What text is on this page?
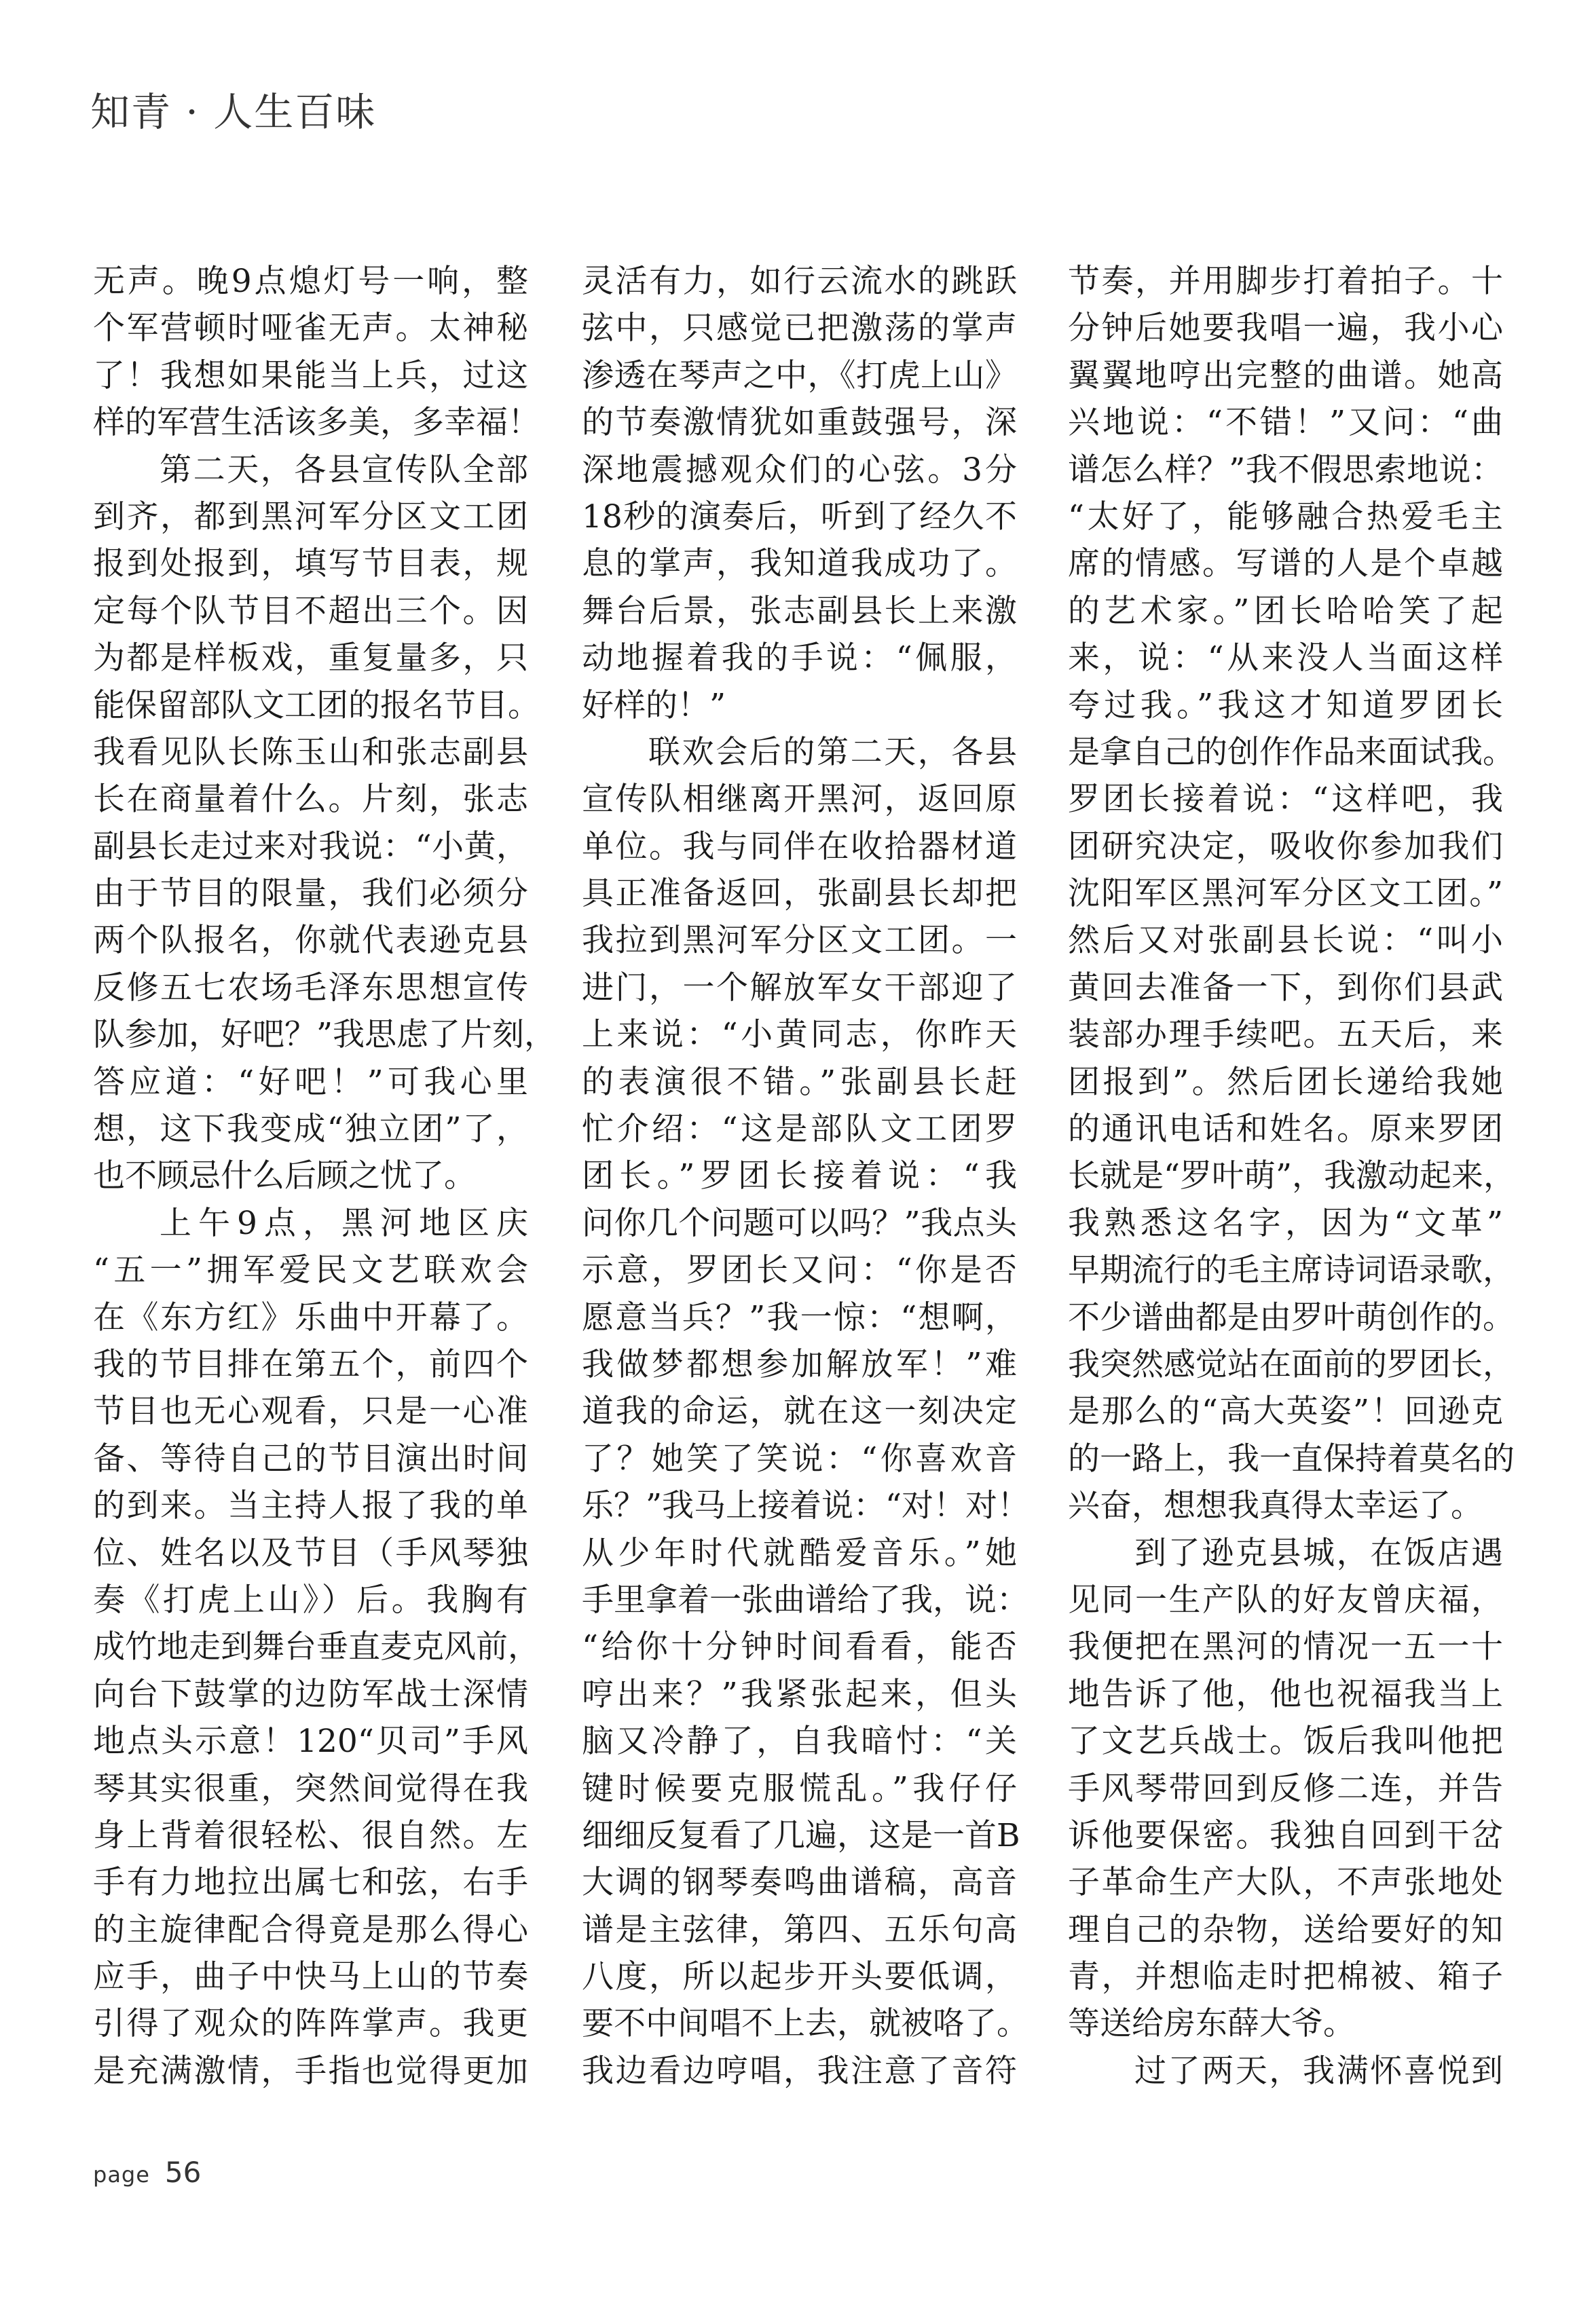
知青 · 人生百味
无声。晚9点熄灯号一响，整
个军营顿时哑雀无声。太神秘
了！我想如果能当上兵，过这
样的军营生活该多美，多幸福！
第二天，各县宣传队全部
到齐，都到黑河军分区文工团
报到处报到，填写节目表，规
定每个队节目不超出三个。因
为都是样板戏，重复量多，只
能保留部队文工团的报名节目。
我看见队长陈玉山和张志副县
长在商量着什么。片刻，张志
副县长走过来对我说：“小黄，
由于节目的限量，我们必须分
两个队报名，你就代表逊克县
反修五七农场毛泽东思想宣传
队参加，好吧？”我思虑了片刻，
答应道：“好吧！”可我心里
想，这下我变成“独立团”了，
也不顾忌什么后顾之忧了。
上午9点，黑河地区庆
“五一”拥军爱民文艺联欢会
在《东方红》乐曲中开幕了。
我的节目排在第五个，前四个
节目也无心观看，只是一心准
备、等待自己的节目演出时间
的到来。当主持人报了我的单
位、姓名以及节目（手风琴独
奏《打虎上山》）后。我胸有
成竹地走到舞台垂直麦克风前，
向台下鼓掌的边防军战士深情
地点头示意！120“贝司”手风
琴其实很重，突然间觉得在我
身上背着很轻松、很自然。左
手有力地拉出属七和弦，右手
的主旋律配合得竟是那么得心
应手，曲子中快马上山的节奏
引得了观众的阵阵掌声。我更
是充满激情，手指也觉得更加
灵活有力，如行云流水的跳跃
弦中，只感觉已把激荡的掌声
渗透在琴声之中，《打虎上山》
的节奏激情犹如重鼓强号，深
深地震撼观众们的心弦。3分
18秒的演奏后，听到了经久不
息的掌声，我知道我成功了。
舞台后景，张志副县长上来激
动地握着我的手说：“佩服，
好样的！”
联欢会后的第二天，各县
宣传队相继离开黑河，返回原
单位。我与同伴在收拾器材道
具正准备返回，张副县长却把
我拉到黑河军分区文工团。一
进门，一个解放军女干部迎了
上来说：“小黄同志，你昨天
的表演很不错。”张副县长赶
忙介绍：“这是部队文工团罗
团长。”罗团长接着说：“我
问你几个问题可以吗？”我点头
示意，罗团长又问：“你是否
愿意当兵？”我一惊：“想啊，
我做梦都想参加解放军！”难
道我的命运，就在这一刻决定
了？她笑了笑说：“你喜欢音
乐？”我马上接着说：“对！对！
从少年时代就酷爱音乐。”她
手里拿着一张曲谱给了我，说：
“给你十分钟时间看看，能否
哼出来？”我紧张起来，但头
脑又冷静了，自我暗忖：“关
键时候要克服慌乱。”我仔仔
细细反复看了几遍，这是一首B
大调的钢琴奏鸣曲谱稿，高音
谱是主弦律，第四、五乐句高
八度，所以起步开头要低调，
要不中间唱不上去，就被咯了。
我边看边哼唱，我注意了音符
节奏，并用脚步打着拍子。十
分钟后她要我唱一遍，我小心
翼翼地哼出完整的曲谱。她高
兴地说：“不错！”又问：“曲
谱怎么样？”我不假思索地说：
“太好了，能够融合热爱毛主
席的情感。写谱的人是个卓越
的艺术家。”团长哈哈笑了起
来，说：“从来没人当面这样
夸过我。”我这才知道罗团长
是拿自己的创作作品来面试我。
罗团长接着说：“这样吧，我
团研究决定，吸收你参加我们
沈阳军区黑河军分区文工团。”
然后又对张副县长说：“叫小
黄回去准备一下，到你们县武
装部办理手续吧。五天后，来
团报到”。然后团长递给我她
的通讯电话和姓名。原来罗团
长就是“罗叶萌”，我激动起来，
我熟悉这名字，因为“文革”
早期流行的毛主席诗词语录歌，
不少谱曲都是由罗叶萌创作的。
我突然感觉站在面前的罗团长，
是那么的“高大英姿”！回逊克
的一路上，我一直保持着莫名的
兴奋，想想我真得太幸运了。
到了逊克县城，在饭店遇
见同一生产队的好友曾庆福，
我便把在黑河的情况一五一十
地告诉了他，他也祝福我当上
了文艺兵战士。饭后我叫他把
手风琴带回到反修二连，并告
诉他要保密。我独自回到干岔
子革命生产大队，不声张地处
理自己的杂物，送给要好的知
青，并想临走时把棉被、箱子
等送给房东薛大爷。
过了两天，我满怀喜悦到
page 56
